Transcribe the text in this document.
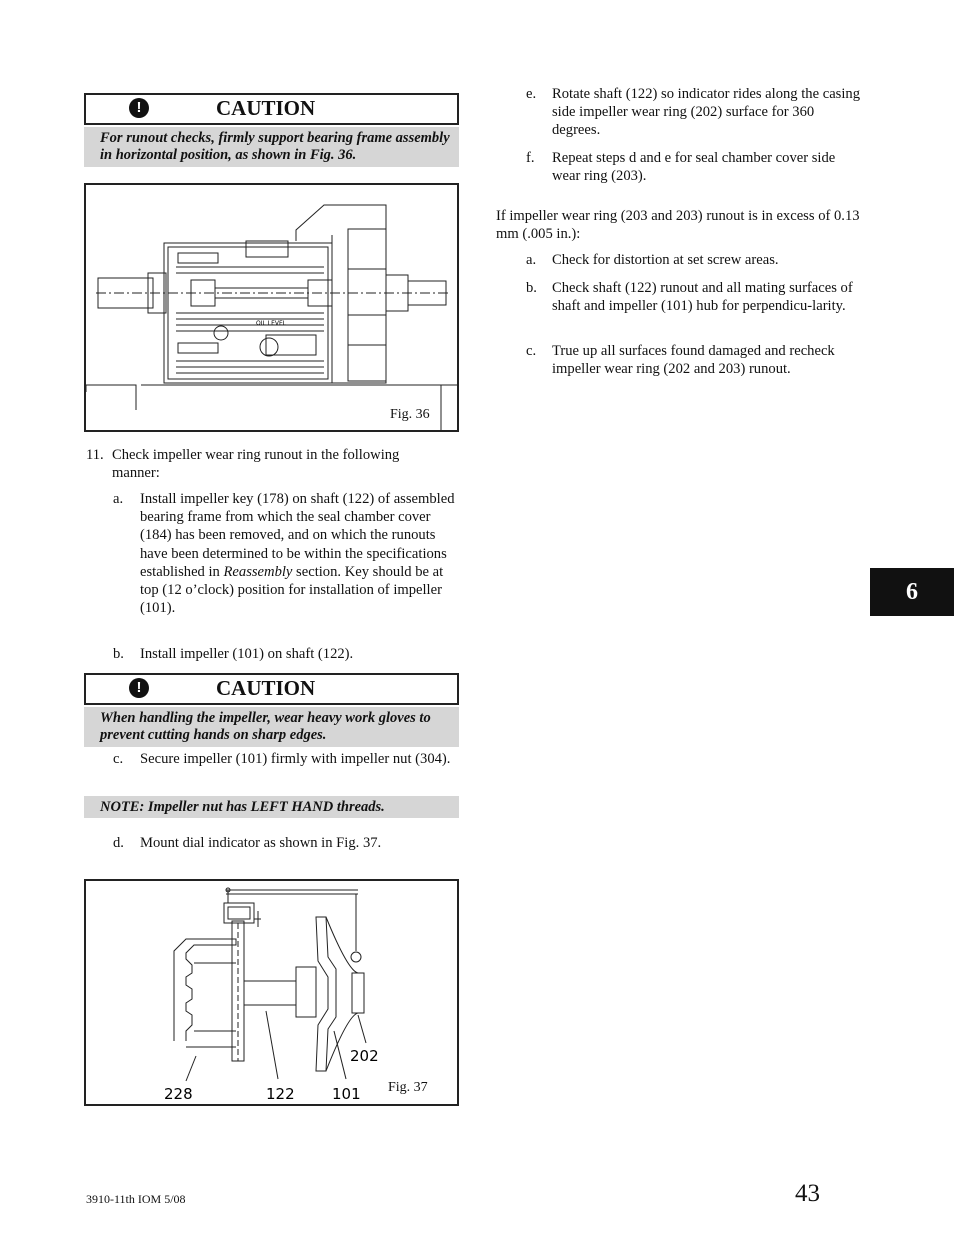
!	CAUTION
For runout checks, firmly support bearing frame assembly in horizontal position, as shown in Fig. 36.
OIL LEVEL
Fig. 36
11. Check impeller wear ring runout in the following manner:
a. Install impeller key (178) on shaft (122) of assembled bearing frame from which the seal chamber cover (184) has been removed, and on which the runouts have been determined to be within the specifications established in Reassembly section. Key should be at top (12 o’clock) position for installation of impeller (101).
b. Install impeller (101) on shaft (122).
!	CAUTION
When handling the impeller, wear heavy work gloves to prevent cutting hands on sharp edges.
c. Secure impeller (101) firmly with impeller nut (304).
NOTE: Impeller nut has LEFT HAND threads.
d. Mount dial indicator as shown in Fig. 37.
228	122 101
202
Fig. 37
e. Rotate shaft (122) so indicator rides along the casing side impeller wear ring (202) surface for 360 degrees.
f. Repeat steps d and e for seal chamber cover side wear ring (203).
If impeller wear ring (203 and 203) runout is in excess of 0.13 mm (.005 in.):
a. Check for distortion at set screw areas.
b. Check shaft (122) runout and all mating surfaces of shaft and impeller (101) hub for perpendicu-larity.
c. True up all surfaces found damaged and recheck impeller wear ring (202 and 203) runout.
6
43
3910-11th IOM 5/08
